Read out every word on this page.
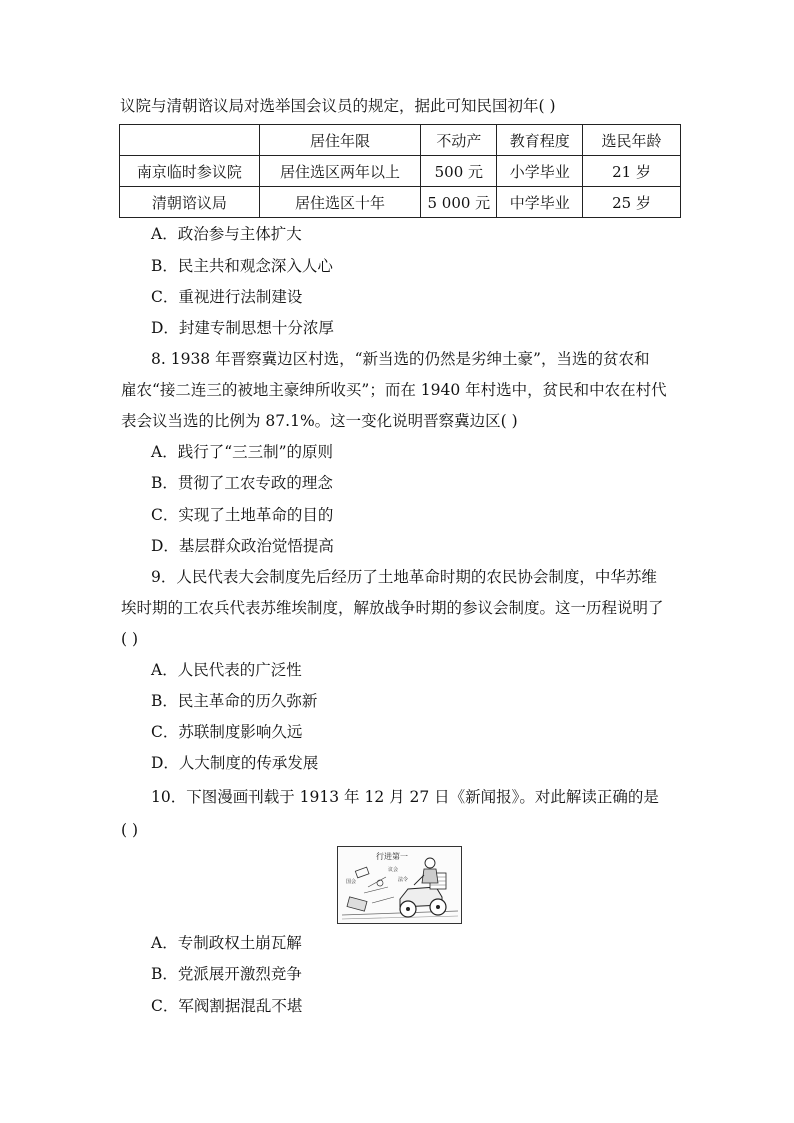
议院与清朝谘议局对选举国会议员的规定，据此可知民国初年( )
	居住年限	不动产	教育程度	选民年龄
南京临时参议院	居住选区两年以上	500 元	小学毕业	21 岁
清朝谘议局	居住选区十年	5 000 元	中学毕业	25 岁
A．政治参与主体扩大
B．民主共和观念深入人心
C．重视进行法制建设
D．封建专制思想十分浓厚
8. 1938 年晋察冀边区村选，“新当选的仍然是劣绅土豪”，当选的贫农和
雇农“接二连三的被地主豪绅所收买”；而在 1940 年村选中，贫民和中农在村代
表会议当选的比例为 87.1%。这一变化说明晋察冀边区( )
A．践行了“三三制”的原则
B．贯彻了工农专政的理念
C．实现了土地革命的目的
D．基层群众政治觉悟提高
9．人民代表大会制度先后经历了土地革命时期的农民协会制度，中华苏维
埃时期的工农兵代表苏维埃制度，解放战争时期的参议会制度。这一历程说明了
( )
A．人民代表的广泛性
B．民主革命的历久弥新
C．苏联制度影响久远
D．人大制度的传承发展
10．下图漫画刊载于 1913 年 12 月 27 日《新闻报》。对此解读正确的是
( )
行进第一
国会
议会
法令
A．专制政权土崩瓦解
B．党派展开激烈竞争
C．军阀割据混乱不堪
